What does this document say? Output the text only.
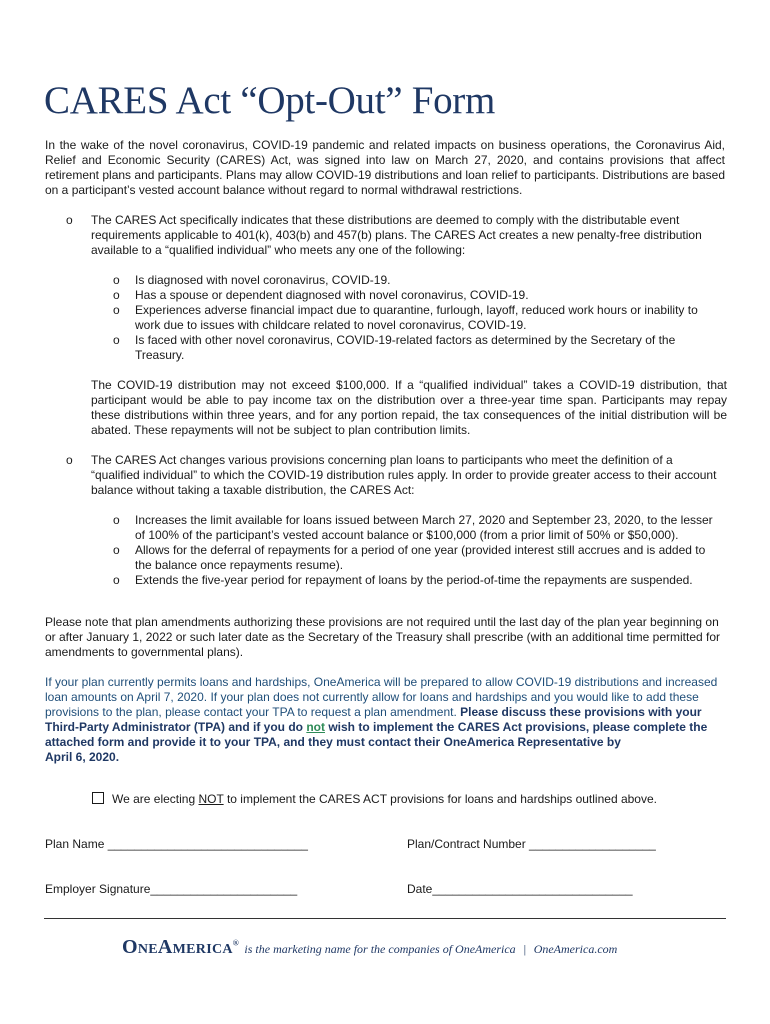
CARES Act “Opt-Out” Form

In the wake of the novel coronavirus, COVID-19 pandemic and related impacts on business operations, the Coronavirus Aid, Relief and Economic Security (CARES) Act, was signed into law on March 27, 2020, and contains provisions that affect retirement plans and participants. Plans may allow COVID-19 distributions and loan relief to participants. Distributions are based on a participant’s vested account balance without regard to normal withdrawal restrictions.

o The CARES Act specifically indicates that these distributions are deemed to comply with the distributable event requirements applicable to 401(k), 403(b) and 457(b) plans. The CARES Act creates a new penalty-free distribution available to a “qualified individual” who meets any one of the following:

o Is diagnosed with novel coronavirus, COVID-19.
o Has a spouse or dependent diagnosed with novel coronavirus, COVID-19.
o Experiences adverse financial impact due to quarantine, furlough, layoff, reduced work hours or inability to work due to issues with childcare related to novel coronavirus, COVID-19.
o Is faced with other novel coronavirus, COVID-19-related factors as determined by the Secretary of the Treasury.

The COVID-19 distribution may not exceed $100,000. If a “qualified individual” takes a COVID-19 distribution, that participant would be able to pay income tax on the distribution over a three-year time span. Participants may repay these distributions within three years, and for any portion repaid, the tax consequences of the initial distribution will be abated. These repayments will not be subject to plan contribution limits.

o The CARES Act changes various provisions concerning plan loans to participants who meet the definition of a “qualified individual” to which the COVID-19 distribution rules apply. In order to provide greater access to their account balance without taking a taxable distribution, the CARES Act:

o Increases the limit available for loans issued between March 27, 2020 and September 23, 2020, to the lesser of 100% of the participant’s vested account balance or $100,000 (from a prior limit of 50% or $50,000).
o Allows for the deferral of repayments for a period of one year (provided interest still accrues and is added to the balance once repayments resume).
o Extends the five-year period for repayment of loans by the period-of-time the repayments are suspended.

Please note that plan amendments authorizing these provisions are not required until the last day of the plan year beginning on or after January 1, 2022 or such later date as the Secretary of the Treasury shall prescribe (with an additional time permitted for amendments to governmental plans).

If your plan currently permits loans and hardships, OneAmerica will be prepared to allow COVID-19 distributions and increased loan amounts on April 7, 2020. If your plan does not currently allow for loans and hardships and you would like to add these provisions to the plan, please contact your TPA to request a plan amendment. Please discuss these provisions with your Third-Party Administrator (TPA) and if you do not wish to implement the CARES Act provisions, please complete the attached form and provide it to your TPA, and they must contact their OneAmerica Representative by
April 6, 2020.

We are electing NOT to implement the CARES ACT provisions for loans and hardships outlined above.
Plan Name ______________________________	Plan/Contract Number ___________________
Employer Signature______________________	Date______________________________
OneAmerica® is the marketing name for the companies of OneAmerica | OneAmerica.com
